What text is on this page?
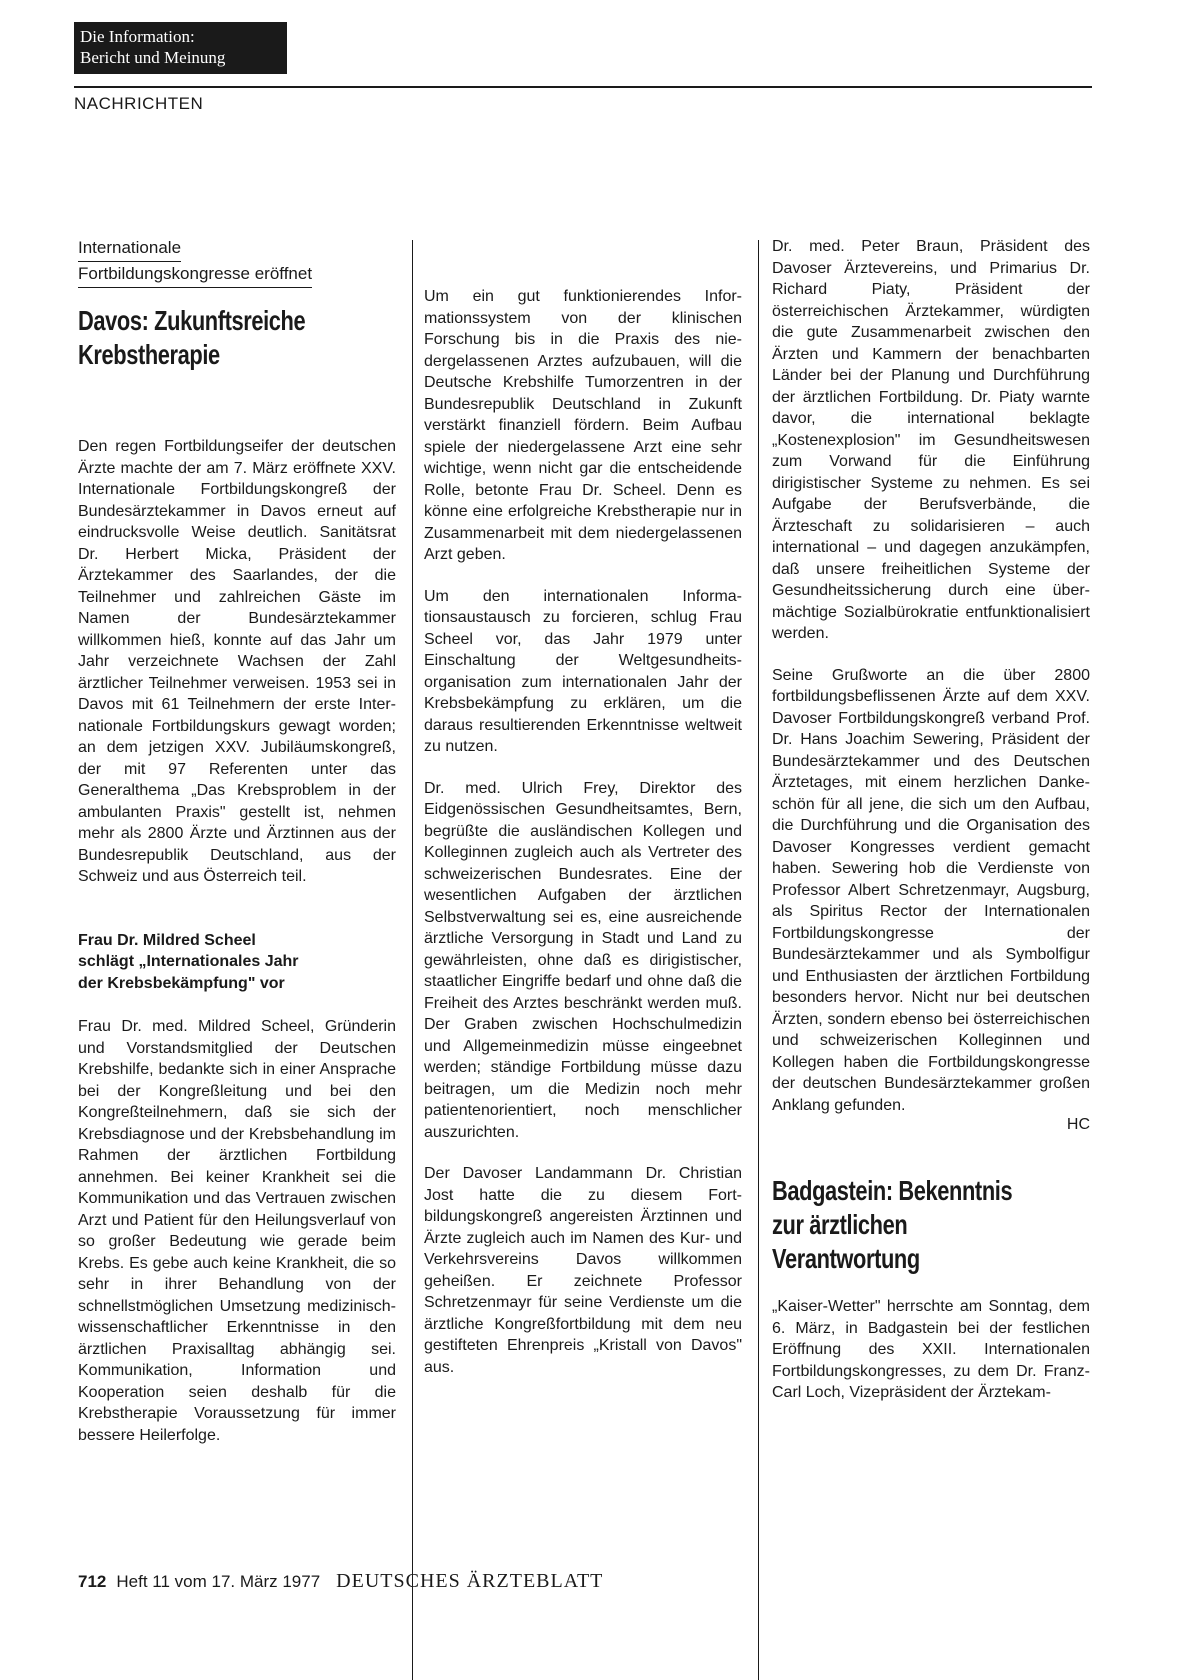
Die Information:
Bericht und Meinung
NACHRICHTEN
Internationale
Fortbildungskongresse eröffnet
Davos: Zukunftsreiche
Krebstherapie

Den regen Fortbildungseifer der deutschen Ärzte machte der am 7. März eröffnete XXV. Internationale Fortbildungskongreß der Bundesärztekammer in Davos erneut auf eindrucksvolle Weise deutlich. Sanitätsrat Dr. Herbert Micka, Präsident der Ärztekammer des Saarlandes, der die Teilnehmer und zahlreichen Gäste im Namen der Bundesärztekammer willkommen hieß, konnte auf das Jahr um Jahr verzeichnete Wachsen der Zahl ärztlicher Teilnehmer verweisen. 1953 sei in Davos mit 61 Teilnehmern der erste Internationale Fortbildungskurs gewagt worden; an dem jetzigen XXV. Jubiläumskongreß, der mit 97 Referenten unter das Generalthema „Das Krebsproblem in der ambulanten Praxis" gestellt ist, nehmen mehr als 2800 Ärzte und Ärztinnen aus der Bundesrepublik Deutschland, aus der Schweiz und aus Österreich teil.

Frau Dr. Mildred Scheel
schlägt „Internationales Jahr
der Krebsbekämpfung" vor

Frau Dr. med. Mildred Scheel, Gründerin und Vorstandsmitglied der Deutschen Krebshilfe, bedankte sich in einer Ansprache bei der Kongreßleitung und bei den Kongreßteilnehmern, daß sie sich der Krebsdiagnose und der Krebsbehandlung im Rahmen der ärztlichen Fortbildung annehmen. Bei keiner Krankheit sei die Kommunikation und das Vertrauen zwischen Arzt und Patient für den Heilungsverlauf von so großer Bedeutung wie gerade beim Krebs. Es gebe auch keine Krankheit, die so sehr in ihrer Behandlung von der schnellstmöglichen Umsetzung medizinisch-wissenschaftlicher Erkenntnisse in den ärztlichen Praxisalltag abhängig sei. Kommunikation, Information und Kooperation seien deshalb für die Krebstherapie Voraussetzung für immer bessere Heilerfolge.

Um ein gut funktionierendes Informationssystem von der klinischen Forschung bis in die Praxis des niedergelassenen Arztes aufzubauen, will die Deutsche Krebshilfe Tumorzentren in der Bundesrepublik Deutschland in Zukunft verstärkt finanziell fördern. Beim Aufbau spiele der niedergelassene Arzt eine sehr wichtige, wenn nicht gar die entscheidende Rolle, betonte Frau Dr. Scheel. Denn es könne eine erfolgreiche Krebstherapie nur in Zusammenarbeit mit dem niedergelassenen Arzt geben.

Um den internationalen Informationsaustausch zu forcieren, schlug Frau Scheel vor, das Jahr 1979 unter Einschaltung der Weltgesundheitsorganisation zum internationalen Jahr der Krebsbekämpfung zu erklären, um die daraus resultierenden Erkenntnisse weltweit zu nutzen.

Dr. med. Ulrich Frey, Direktor des Eidgenössischen Gesundheitsamtes, Bern, begrüßte die ausländischen Kollegen und Kolleginnen zugleich auch als Vertreter des schweizerischen Bundesrates. Eine der wesentlichen Aufgaben der ärztlichen Selbstverwaltung sei es, eine ausreichende ärztliche Versorgung in Stadt und Land zu gewährleisten, ohne daß es dirigistischer, staatlicher Eingriffe bedarf und ohne daß die Freiheit des Arztes beschränkt werden muß. Der Graben zwischen Hochschulmedizin und Allgemeinmedizin müsse eingeebnet werden; ständige Fortbildung müsse dazu beitragen, um die Medizin noch mehr patientenorientiert, noch menschlicher auszurichten.

Der Davoser Landammann Dr. Christian Jost hatte die zu diesem Fortbildungskongreß angereisten Ärztinnen und Ärzte zugleich auch im Namen des Kur- und Verkehrsvereins Davos willkommen geheißen. Er zeichnete Professor Schretzenmayr für seine Verdienste um die ärztliche Kongreßfortbildung mit dem neu gestifteten Ehrenpreis „Kristall von Davos" aus.

Dr. med. Peter Braun, Präsident des Davoser Ärztevereins, und Primarius Dr. Richard Piaty, Präsident der österreichischen Ärztekammer, würdigten die gute Zusammenarbeit zwischen den Ärzten und Kammern der benachbarten Länder bei der Planung und Durchführung der ärztlichen Fortbildung. Dr. Piaty warnte davor, die international beklagte „Kostenexplosion" im Gesundheitswesen zum Vorwand für die Einführung dirigistischer Systeme zu nehmen. Es sei Aufgabe der Berufsverbände, die Ärzteschaft zu solidarisieren – auch international – und dagegen anzukämpfen, daß unsere freiheitlichen Systeme der Gesundheitssicherung durch eine übermächtige Sozialbürokratie entfunktionalisiert werden.

Seine Grußworte an die über 2800 fortbildungsbeflissenen Ärzte auf dem XXV. Davoser Fortbildungskongreß verband Prof. Dr. Hans Joachim Sewering, Präsident der Bundesärztekammer und des Deutschen Ärztetages, mit einem herzlichen Dankeschön für all jene, die sich um den Aufbau, die Durchführung und die Organisation des Davoser Kongresses verdient gemacht haben. Sewering hob die Verdienste von Professor Albert Schretzenmayr, Augsburg, als Spiritus Rector der Internationalen Fortbildungskongresse der Bundesärztekammer und als Symbolfigur und Enthusiasten der ärztlichen Fortbildung besonders hervor. Nicht nur bei deutschen Ärzten, sondern ebenso bei österreichischen und schweizerischen Kolleginnen und Kollegen haben die Fortbildungskongresse der deutschen Bundesärztekammer großen Anklang gefunden.

HC
Badgastein: Bekenntnis
zur ärztlichen
Verantwortung

„Kaiser-Wetter" herrschte am Sonntag, dem 6. März, in Badgastein bei der festlichen Eröffnung des XXII. Internationalen Fortbildungskongresses, zu dem Dr. Franz-Carl Loch, Vizepräsident der Ärztekam-

712 Heft 11 vom 17. März 1977 DEUTSCHES ÄRZTEBLATT
